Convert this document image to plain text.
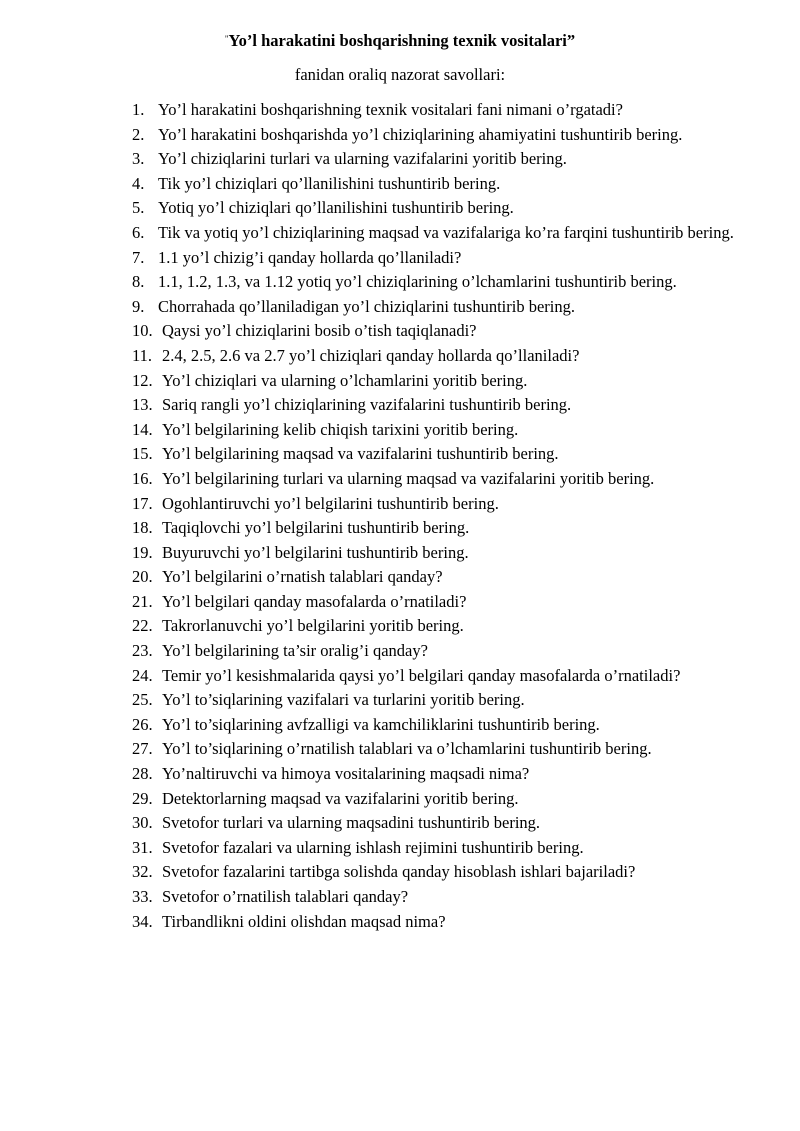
"Yo’l harakatini boshqarishning texnik vositalari”

fanidan oraliq nazorat savollari:

1. Yo’l harakatini boshqarishning texnik vositalari fani nimani o’rgatadi?
2. Yo’l harakatini boshqarishda yo’l chiziqlarining ahamiyatini tushuntirib bering.
3. Yo’l chiziqlarini turlari va ularning vazifalarini yoritib bering.
4. Tik yo’l chiziqlari qo’llanilishini tushuntirib bering.
5. Yotiq yo’l chiziqlari qo’llanilishini tushuntirib bering.
6. Tik va yotiq yo’l chiziqlarining maqsad va vazifalariga ko’ra farqini tushuntirib bering.
7. 1.1 yo’l chizig’i qanday hollarda qo’llaniladi?
8. 1.1, 1.2, 1.3, va 1.12 yotiq yo’l chiziqlarining o’lchamlarini tushuntirib bering.
9. Chorrahada qo’llaniladigan yo’l chiziqlarini tushuntirib bering.
10. Qaysi yo’l chiziqlarini bosib o’tish taqiqlanadi?
11. 2.4, 2.5, 2.6 va 2.7 yo’l chiziqlari qanday hollarda qo’llaniladi?
12. Yo’l chiziqlari va ularning o’lchamlarini yoritib bering.
13. Sariq rangli yo’l chiziqlarining vazifalarini tushuntirib bering.
14. Yo’l belgilarining kelib chiqish tarixini yoritib bering.
15. Yo’l belgilarining maqsad va vazifalarini tushuntirib bering.
16. Yo’l belgilarining turlari va ularning maqsad va vazifalarini yoritib bering.
17. Ogohlantiruvchi yo’l belgilarini tushuntirib bering.
18. Taqiqlovchi yo’l belgilarini tushuntirib bering.
19. Buyuruvchi yo’l belgilarini tushuntirib bering.
20. Yo’l belgilarini o’rnatish talablari qanday?
21. Yo’l belgilari qanday masofalarda o’rnatiladi?
22. Takrorlanuvchi yo’l belgilarini yoritib bering.
23. Yo’l belgilarining ta’sir oralig’i qanday?
24. Temir yo’l kesishmalarida qaysi yo’l belgilari qanday masofalarda o’rnatiladi?
25. Yo’l to’siqlarining vazifalari va turlarini yoritib bering.
26. Yo’l to’siqlarining avfzalligi va kamchiliklarini tushuntirib bering.
27. Yo’l to’siqlarining o’rnatilish talablari va o’lchamlarini tushuntirib bering.
28. Yo’naltiruvchi va himoya vositalarining maqsadi nima?
29. Detektorlarning maqsad va vazifalarini yoritib bering.
30. Svetofor turlari va ularning maqsadini tushuntirib bering.
31. Svetofor fazalari va ularning ishlash rejimini tushuntirib bering.
32. Svetofor fazalarini tartibga solishda qanday hisoblash ishlari bajariladi?
33. Svetofor o’rnatilish talablari qanday?
34. Tirbandlikni oldini olishdan maqsad nima?
